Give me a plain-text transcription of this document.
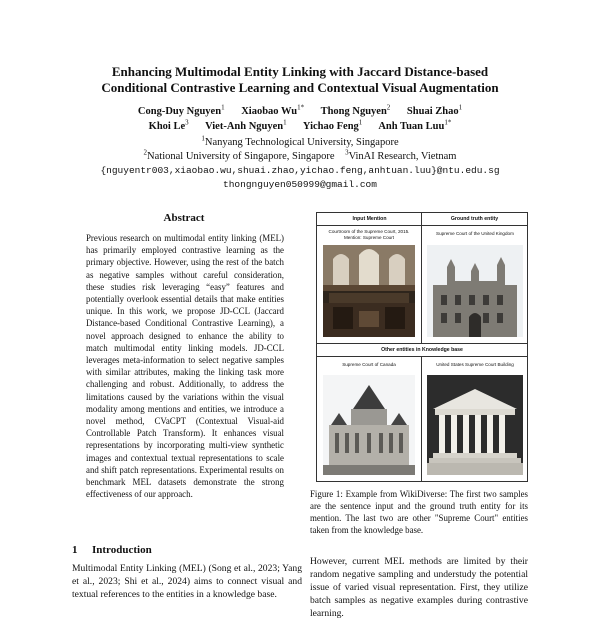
Enhancing Multimodal Entity Linking with Jaccard Distance-based
Conditional Contrastive Learning and Contextual Visual Augmentation
Cong-Duy Nguyen$^1$ Xiaobao $Wu^{1*}$ Thong Nguyen$^2$ Shuai Zhao$^1$
Khoi Le$^3$ Viet-Anh Nguyen$^1$ Yichao Feng$^1$ Anh Tuan Luu$^{1*}$
$^1$Nanyang Technological University, Singapore
$^2$National University of Singapore, Singapore $^3$VinAI Research, Vietnam
{nguyentr003,xiaobao.wu,shuai.zhao,yichao.feng,anhtuan.luu}@ntu.edu.sg
thongnguyen050999@gmail.com
Abstract
Previous research on multimodal entity linking (MEL) has primarily employed contrastive learning as the primary objective. However, using the rest of the batch as negative samples without careful consideration, these studies risk leveraging “easy” features and potentially overlook essential details that make entities unique. In this work, we propose JD-CCL (Jaccard Distance-based Conditional Contrastive Learning), a novel approach designed to enhance the ability to match multimodal entity linking models. JD-CCL leverages meta-information to select negative samples with similar attributes, making the linking task more challenging and robust. Additionally, to address the limitations caused by the variations within the visual modality among mentions and entities, we introduce a novel method, CVaCPT (Contextual Visual-aid Controllable Patch Transform). It enhances visual representations by incorporating multi-view synthetic images and contextual textual representations to scale and shift patch representations. Experimental results on benchmark MEL datasets demonstrate the strong effectiveness of our approach.
1 Introduction
Multimodal Entity Linking (MEL) (Song et al., 2023; Yang et al., 2023; Shi et al., 2024) aims to connect visual and textual references to the entities in a knowledge base.
Input Mention	Ground truth entity
Courtroom of the Supreme Court, 2015. Mention: Supreme Court
Supreme Court of the United Kingdom
Other entities in Knowledge base
Supreme Court of Canada	United States Supreme Court Building
Figure 1: Example from WikiDiverse: The first two samples are the sentence input and the ground truth entity for its mention. The last two are other "Supreme Court" entities taken from the knowledge base.
However, current MEL methods are limited by their random negative sampling and understudy the potential issue of varied visual representation. First, they utilize batch samples as negative examples during contrastive learning.
